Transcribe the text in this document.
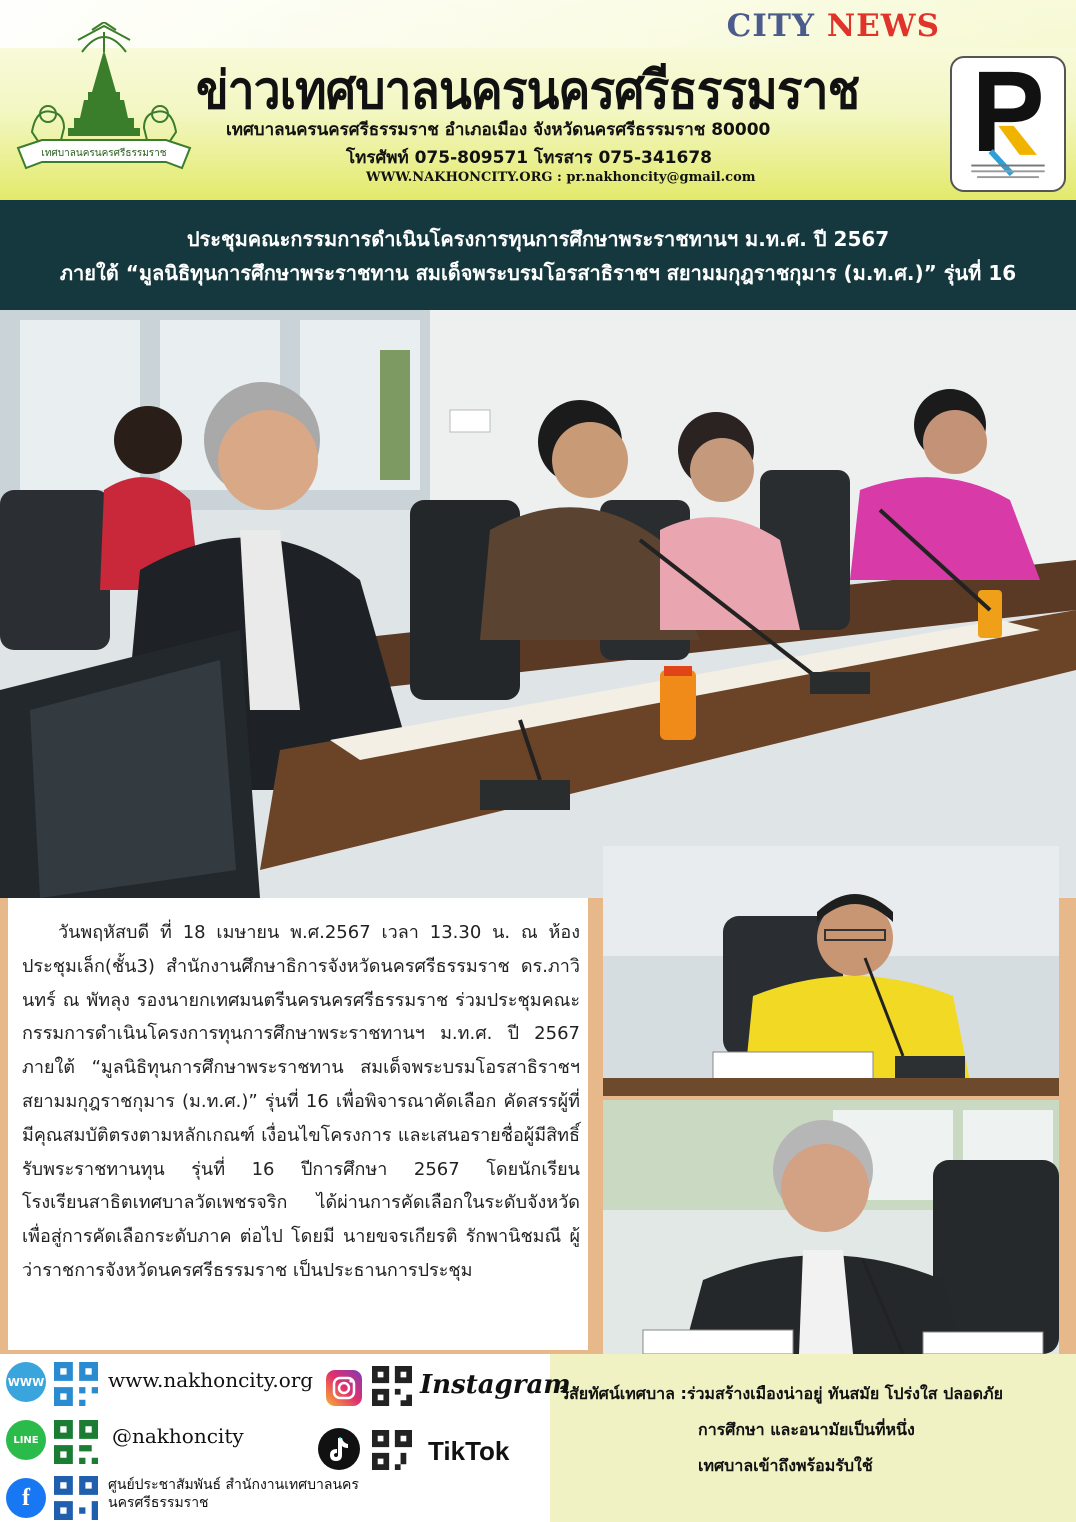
CITY NEWS
เทศบาลนครนครศรีธรรมราช
ข่าวเทศบาลนครนครศรีธรรมราช
เทศบาลนครนครศรีธรรมราช อำเภอเมือง จังหวัดนครศรีธรรมราช 80000
โทรศัพท์ 075-809571 โทรสาร 075-341678
WWW.NAKHONCITY.ORG : pr.nakhoncity@gmail.com
ประชุมคณะกรรมการดำเนินโครงการทุนการศึกษาพระราชทานฯ ม.ท.ศ. ปี 2567
ภายใต้ “มูลนิธิทุนการศึกษาพระราชทาน สมเด็จพระบรมโอรสาธิราชฯ สยามมกุฎราชกุมาร (ม.ท.ศ.)” รุ่นที่ 16

วันพฤหัสบดี ที่ 18 เมษายน พ.ศ.2567 เวลา 13.30 น. ณ ห้องประชุมเล็ก(ชั้น3) สำนักงานศึกษาธิการจังหวัดนครศรีธรรมราช ดร.ภาวินทร์ ณ พัทลุง รองนายกเทศมนตรีนครนครศรีธรรมราช ร่วมประชุมคณะกรรมการดำเนินโครงการทุนการศึกษาพระราชทานฯ ม.ท.ศ. ปี 2567 ภายใต้ “มูลนิธิทุนการศึกษาพระราชทาน สมเด็จพระบรมโอรสาธิราชฯ สยามมกุฎราชกุมาร (ม.ท.ศ.)” รุ่นที่ 16 เพื่อพิจารณาคัดเลือก คัดสรรผู้ที่มีคุณสมบัติตรงตามหลักเกณฑ์ เงื่อนไขโครงการ และเสนอรายชื่อผู้มีสิทธิ์รับพระราชทานทุน รุ่นที่ 16 ปีการศึกษา 2567 โดยนักเรียนโรงเรียนสาธิตเทศบาลวัดเพชรจริก ได้ผ่านการคัดเลือกในระดับจังหวัด เพื่อสู่การคัดเลือกระดับภาค ต่อไป โดยมี นายขจรเกียรติ รักพานิชมณี ผู้ว่าราชการจังหวัดนครศรีธรรมราช เป็นประธานการประชุม

WWW	www.nakhoncity.org	Instagram
LINE	@nakhoncity	TikTok
f	ศูนย์ประชาสัมพันธ์ สำนักงานเทศบาลนครนครศรีธรรมราช
วิสัยทัศน์เทศบาล :ร่วมสร้างเมืองน่าอยู่ ทันสมัย โปร่งใส ปลอดภัย
การศึกษา และอนามัยเป็นที่หนึ่ง
เทศบาลเข้าถึงพร้อมรับใช้
